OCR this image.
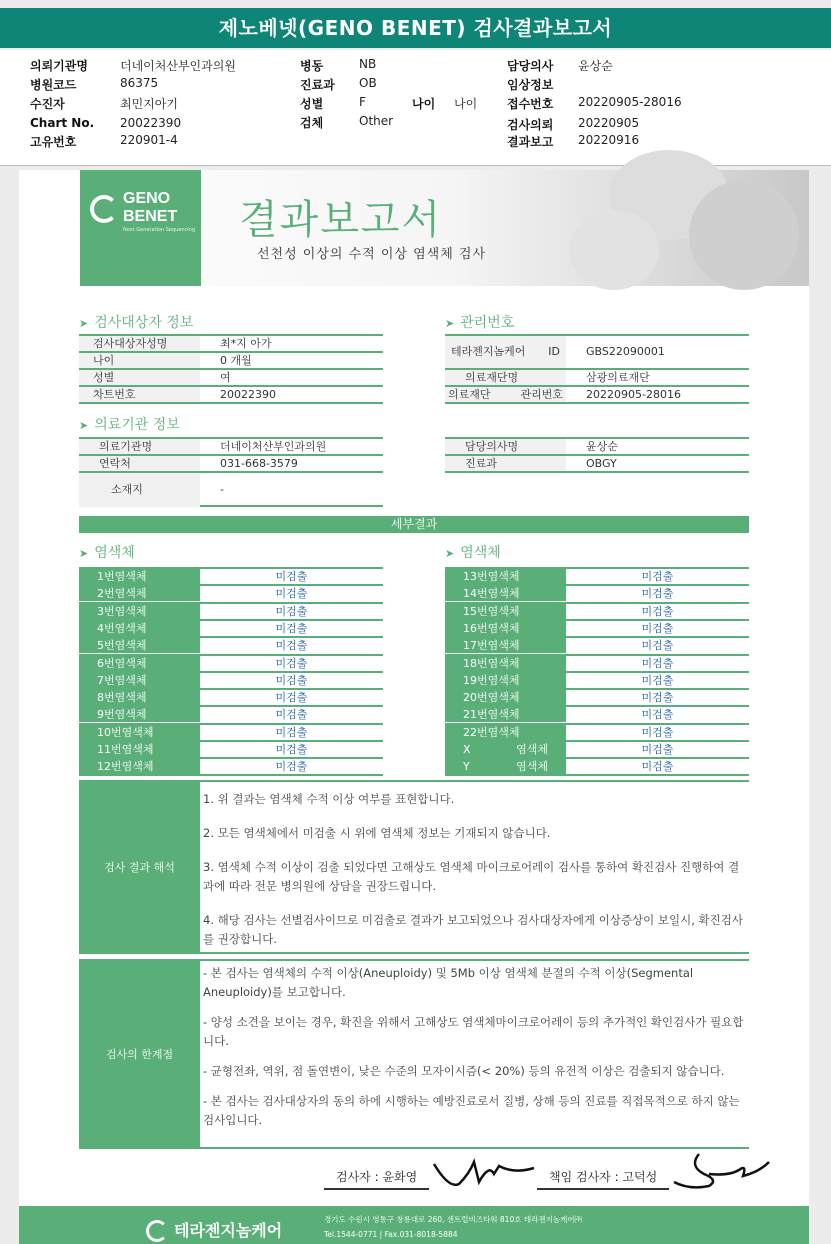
제노베넷(GENO BENET) 검사결과보고서
의뢰기관명	더네이처산부인과의원
병원코드	86375
수진자	최민지아기
Chart No. 20022390
고유번호	220901-4
병동	NB
진료과 OB
성별	F	나이 나이
검체	Other
담당의사 윤상순
임상정보
접수번호 20220905-28016
검사의뢰 20220905
결과보고 20220916
GENO
BENET
Next Generation Sequencing 결과보고서
선천성 이상의 수적 이상 염색체 검사
➤ 검사대상자 정보
검사대상자성명	최*지 아가
나이	0 개월
성별	여
차트번호	20022390
➤ 관리번호
테라젠지놈케어 ID	GBS22090001
의료재단명	삼광의료재단
의료재단 관리번호	20220905-28016
➤ 의료기관 정보
의료기관명	더네이처산부인과의원
연락처	031-668-3579
소재지	-
담당의사명	윤상순
진료과	OBGY
세부결과
➤ 염색체	➤ 염색체
1번염색체	미검출
2번염색체	미검출
3번염색체	미검출
4번염색체	미검출
5번염색체	미검출
6번염색체	미검출
7번염색체	미검출
8번염색체	미검출
9번염색체	미검출
10번염색체	미검출
11번염색체	미검출
12번염색체	미검출
13번염색체	미검출
14번염색체	미검출
15번염색체	미검출
16번염색체	미검출
17번염색체	미검출
18번염색체	미검출
19번염색체	미검출
20번염색체	미검출
21번염색체	미검출
22번염색체	미검출
X 염색체	미검출
Y 염색체	미검출
검사 결과 해석

1. 위 결과는 염색체 수적 이상 여부를 표현합니다.

2. 모든 염색체에서 미검출 시 위에 염색체 정보는 기재되지 않습니다.

3. 염색체 수적 이상이 검출 되었다면 고해상도 염색체 마이크로어레이 검사를 통하여 확진검사 진행하여 결과에 따라 전문 병의원에 상담을 권장드립니다.

4. 해당 검사는 선별검사이므로 미검출로 결과가 보고되었으나 검사대상자에게 이상증상이 보일시, 확진검사를 권장합니다.

검사의 한계점

- 본 검사는 염색체의 수적 이상(Aneuploidy) 및 5Mb 이상 염색체 분절의 수적 이상(Segmental Aneuploidy)를 보고합니다.

- 양성 소견을 보이는 경우, 확진을 위해서 고해상도 염색체마이크로어레이 등의 추가적인 확인검사가 필요합니다.

- 균형전좌, 역위, 점 돌연변이, 낮은 수준의 모자이시즘(< 20%) 등의 유전적 이상은 검출되지 않습니다.

- 본 검사는 검사대상자의 동의 하에 시행하는 예방진료로서 질병, 상해 등의 진료를 직접목적으로 하지 않는 검사입니다.

검사자 : 윤화영	책임 검사자 : 고덕성
테라젠지놈케어
경기도 수원시 영통구 창룡대로 260, 센트럴비즈타워 810호 테라젠지놈케어㈜
Tel.1544-0771 | Fax.031-8018-5884
